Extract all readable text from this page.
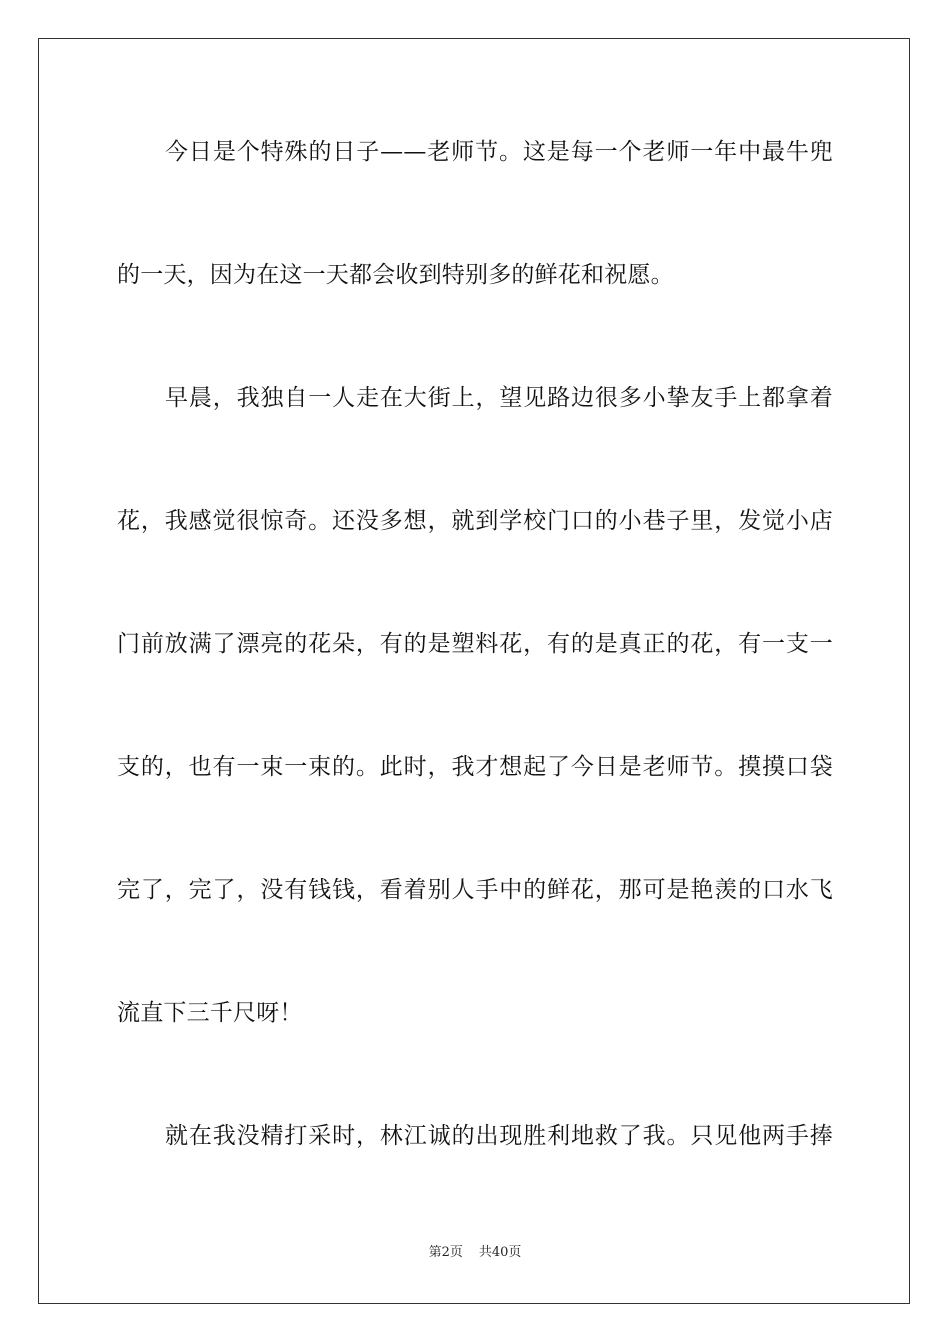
今日是个特殊的日子——老师节。这是每一个老师一年中最牛兜
的一天，因为在这一天都会收到特别多的鲜花和祝愿。
早晨，我独自一人走在大街上，望见路边很多小挚友手上都拿着
花，我感觉很惊奇。还没多想，就到学校门口的小巷子里，发觉小店
门前放满了漂亮的花朵，有的是塑料花，有的是真正的花，有一支一
支的，也有一束一束的。此时，我才想起了今日是老师节。摸摸口袋
完了，完了，没有钱钱，看着别人手中的鲜花，那可是艳羡的口水飞
流直下三千尺呀！
就在我没精打采时，林江诚的出现胜利地救了我。只见他两手捧
第2页 共40页
